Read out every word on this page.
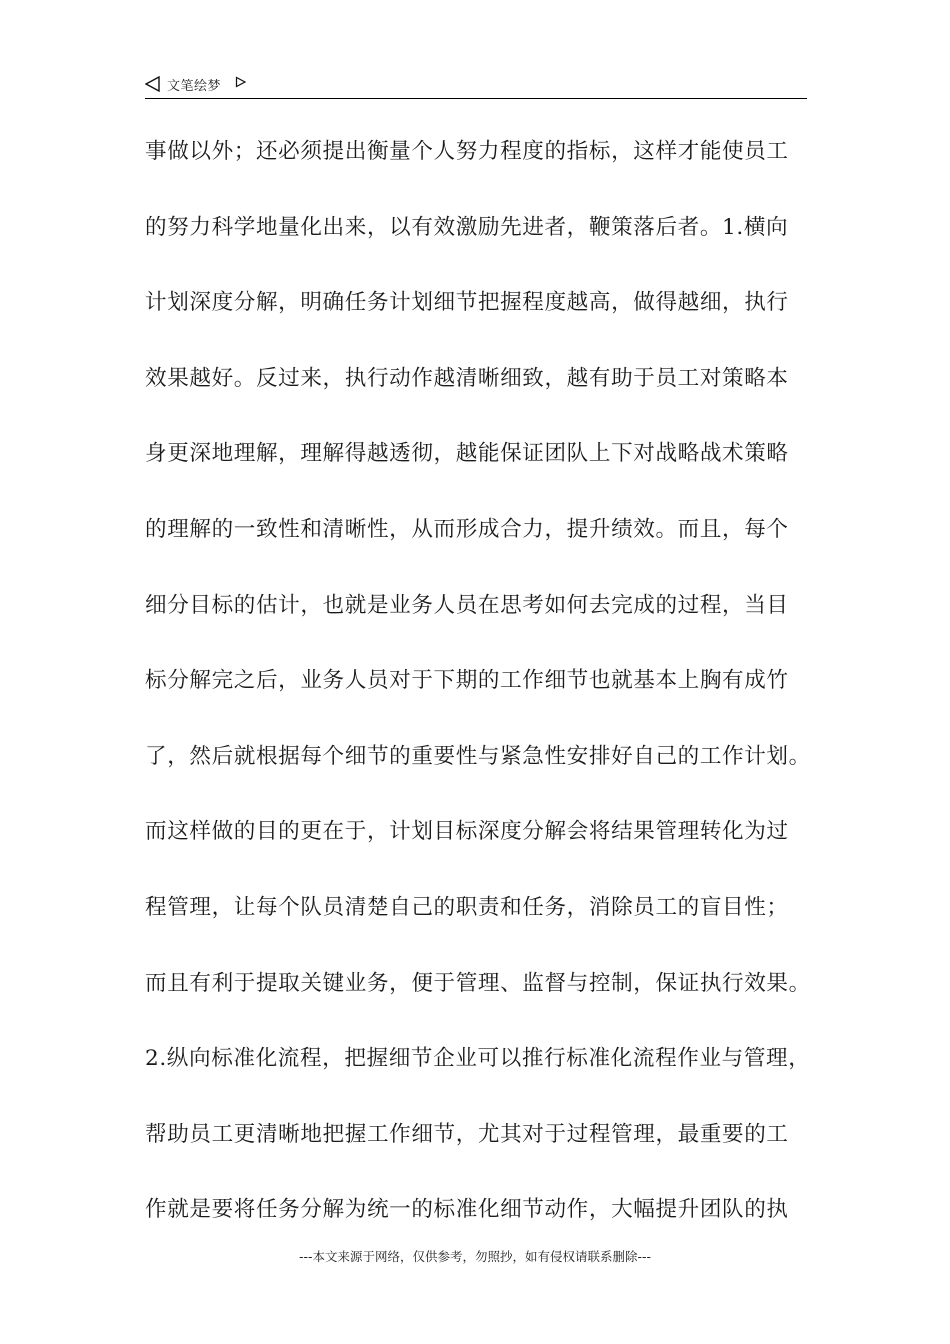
文笔绘梦
事做以外；还必须提出衡量个人努力程度的指标，这样才能使员工
的努力科学地量化出来，以有效激励先进者，鞭策落后者。1.横向
计划深度分解，明确任务计划细节把握程度越高，做得越细，执行
效果越好。反过来，执行动作越清晰细致，越有助于员工对策略本
身更深地理解，理解得越透彻，越能保证团队上下对战略战术策略
的理解的一致性和清晰性，从而形成合力，提升绩效。而且，每个
细分目标的估计，也就是业务人员在思考如何去完成的过程，当目
标分解完之后，业务人员对于下期的工作细节也就基本上胸有成竹
了，然后就根据每个细节的重要性与紧急性安排好自己的工作计划。
而这样做的目的更在于，计划目标深度分解会将结果管理转化为过
程管理，让每个队员清楚自己的职责和任务，消除员工的盲目性；
而且有利于提取关键业务，便于管理、监督与控制，保证执行效果。
2.纵向标准化流程，把握细节企业可以推行标准化流程作业与管理，
帮助员工更清晰地把握工作细节，尤其对于过程管理，最重要的工
作就是要将任务分解为统一的标准化细节动作，大幅提升团队的执
---本文来源于网络，仅供参考，勿照抄，如有侵权请联系删除---
